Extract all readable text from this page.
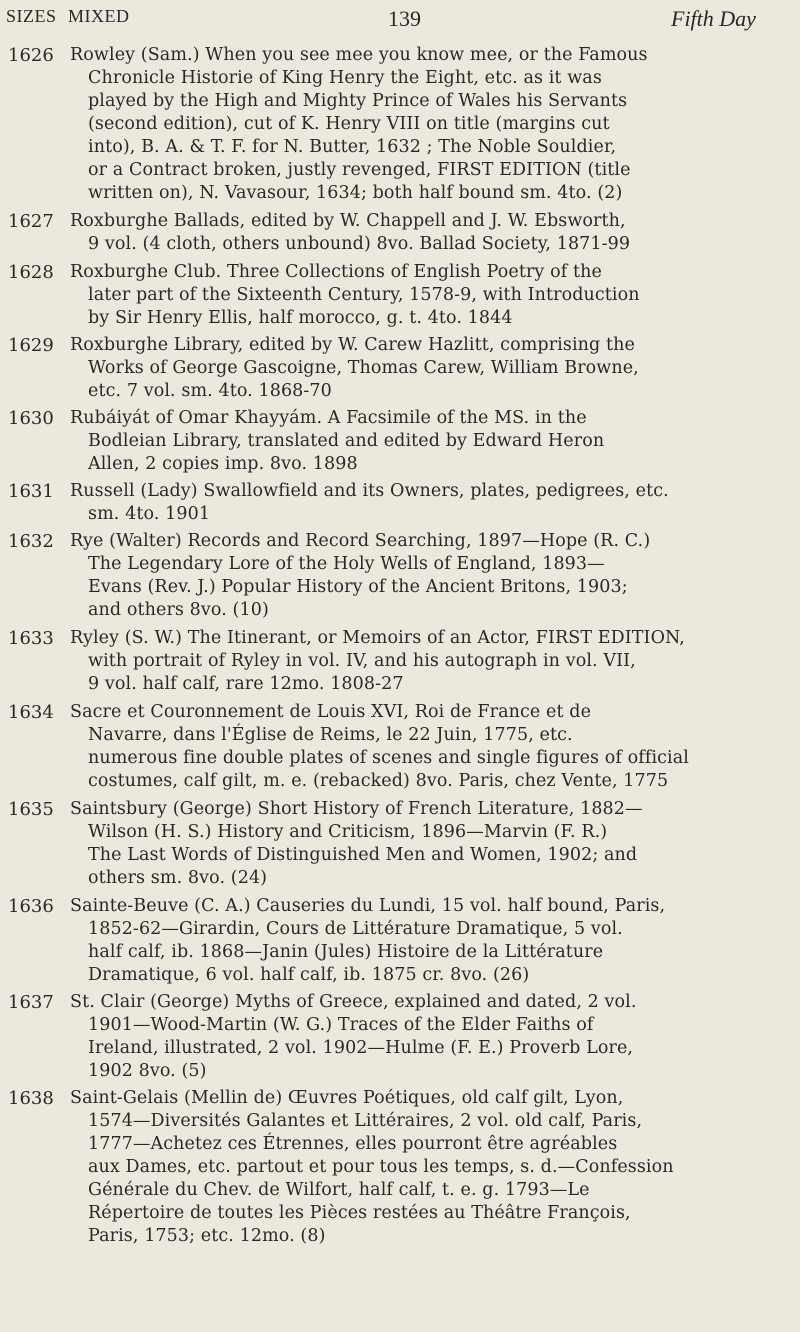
SIZES MIXED	139	Fifth Day
1626 Rowley (Sam.) When you see mee you know mee, or the Famous
Chronicle Historie of King Henry the Eight, etc. as it was
played by the High and Mighty Prince of Wales his Servants
(second edition), cut of K. Henry VIII on title (margins cut
into), B. A. & T. F. for N. Butter, 1632 ; The Noble Souldier,
or a Contract broken, justly revenged, FIRST EDITION (title
written on), N. Vavasour, 1634; both half bound sm. 4to. (2)
1627 Roxburghe Ballads, edited by W. Chappell and J. W. Ebsworth,
9 vol. (4 cloth, others unbound) 8vo. Ballad Society, 1871-99
1628 Roxburghe Club. Three Collections of English Poetry of the
later part of the Sixteenth Century, 1578-9, with Introduction
by Sir Henry Ellis, half morocco, g. t. 4to. 1844
1629 Roxburghe Library, edited by W. Carew Hazlitt, comprising the
Works of George Gascoigne, Thomas Carew, William Browne,
etc. 7 vol. sm. 4to. 1868-70
1630 Rubáiyát of Omar Khayyám. A Facsimile of the MS. in the
Bodleian Library, translated and edited by Edward Heron
Allen, 2 copies imp. 8vo. 1898
1631 Russell (Lady) Swallowfield and its Owners, plates, pedigrees, etc.
sm. 4to. 1901
1632 Rye (Walter) Records and Record Searching, 1897—Hope (R. C.)
The Legendary Lore of the Holy Wells of England, 1893—
Evans (Rev. J.) Popular History of the Ancient Britons, 1903;
and others 8vo. (10)
1633 Ryley (S. W.) The Itinerant, or Memoirs of an Actor, FIRST EDITION,
with portrait of Ryley in vol. IV, and his autograph in vol. VII,
9 vol. half calf, rare 12mo. 1808-27
1634 Sacre et Couronnement de Louis XVI, Roi de France et de
Navarre, dans l'Église de Reims, le 22 Juin, 1775, etc.
numerous fine double plates of scenes and single figures of official
costumes, calf gilt, m. e. (rebacked) 8vo. Paris, chez Vente, 1775
1635 Saintsbury (George) Short History of French Literature, 1882—
Wilson (H. S.) History and Criticism, 1896—Marvin (F. R.)
The Last Words of Distinguished Men and Women, 1902; and
others sm. 8vo. (24)
1636 Sainte-Beuve (C. A.) Causeries du Lundi, 15 vol. half bound, Paris,
1852-62—Girardin, Cours de Littérature Dramatique, 5 vol.
half calf, ib. 1868—Janin (Jules) Histoire de la Littérature
Dramatique, 6 vol. half calf, ib. 1875 cr. 8vo. (26)
1637 St. Clair (George) Myths of Greece, explained and dated, 2 vol.
1901—Wood-Martin (W. G.) Traces of the Elder Faiths of
Ireland, illustrated, 2 vol. 1902—Hulme (F. E.) Proverb Lore,
1902 8vo. (5)
1638 Saint-Gelais (Mellin de) Œuvres Poétiques, old calf gilt, Lyon,
1574—Diversités Galantes et Littéraires, 2 vol. old calf, Paris,
1777—Achetez ces Étrennes, elles pourront être agréables
aux Dames, etc. partout et pour tous les temps, s. d.—Confession
Générale du Chev. de Wilfort, half calf, t. e. g. 1793—Le
Répertoire de toutes les Pièces restées au Théâtre François,
Paris, 1753; etc. 12mo. (8)
